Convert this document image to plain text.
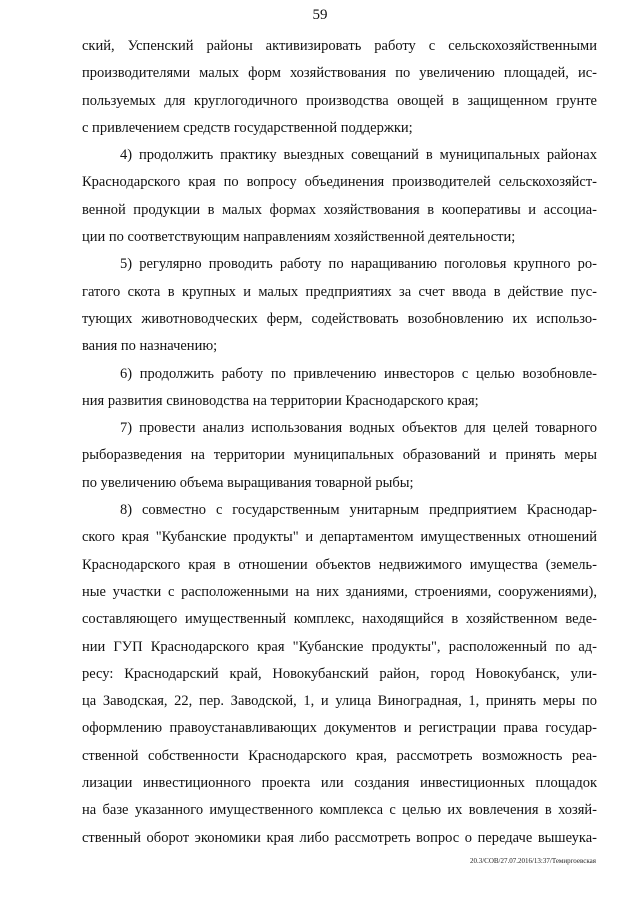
59
ский, Успенский районы активизировать работу с сельскохозяйственными
производителями малых форм хозяйствования по увеличению площадей, ис-
пользуемых для круглогодичного производства овощей в защищенном грунте
с привлечением средств государственной поддержки;
4) продолжить практику выездных совещаний в муниципальных районах
Краснодарского края по вопросу объединения производителей сельскохозяйст-
венной продукции в малых формах хозяйствования в кооперативы и ассоциа-
ции по соответствующим направлениям хозяйственной деятельности;
5) регулярно проводить работу по наращиванию поголовья крупного ро-
гатого скота в крупных и малых предприятиях за счет ввода в действие пус-
тующих животноводческих ферм, содействовать возобновлению их использо-
вания по назначению;
6) продолжить работу по привлечению инвесторов с целью возобновле-
ния развития свиноводства на территории Краснодарского края;
7) провести анализ использования водных объектов для целей товарного
рыборазведения на территории муниципальных образований и принять меры
по увеличению объема выращивания товарной рыбы;
8) совместно с государственным унитарным предприятием Краснодар-
ского края "Кубанские продукты" и департаментом имущественных отношений
Краснодарского края в отношении объектов недвижимого имущества (земель-
ные участки с расположенными на них зданиями, строениями, сооружениями),
составляющего имущественный комплекс, находящийся в хозяйственном веде-
нии ГУП Краснодарского края "Кубанские продукты", расположенный по ад-
ресу: Краснодарский край, Новокубанский район, город Новокубанск, ули-
ца Заводская, 22, пер. Заводской, 1, и улица Виноградная, 1, принять меры по
оформлению правоустанавливающих документов и регистрации права государ-
ственной собственности Краснодарского края, рассмотреть возможность реа-
лизации инвестиционного проекта или создания инвестиционных площадок
на базе указанного имущественного комплекса с целью их вовлечения в хозяй-
ственный оборот экономики края либо рассмотреть вопрос о передаче вышеука-
20.3/СОВ/27.07.2016/13:37/Темиргоевская
